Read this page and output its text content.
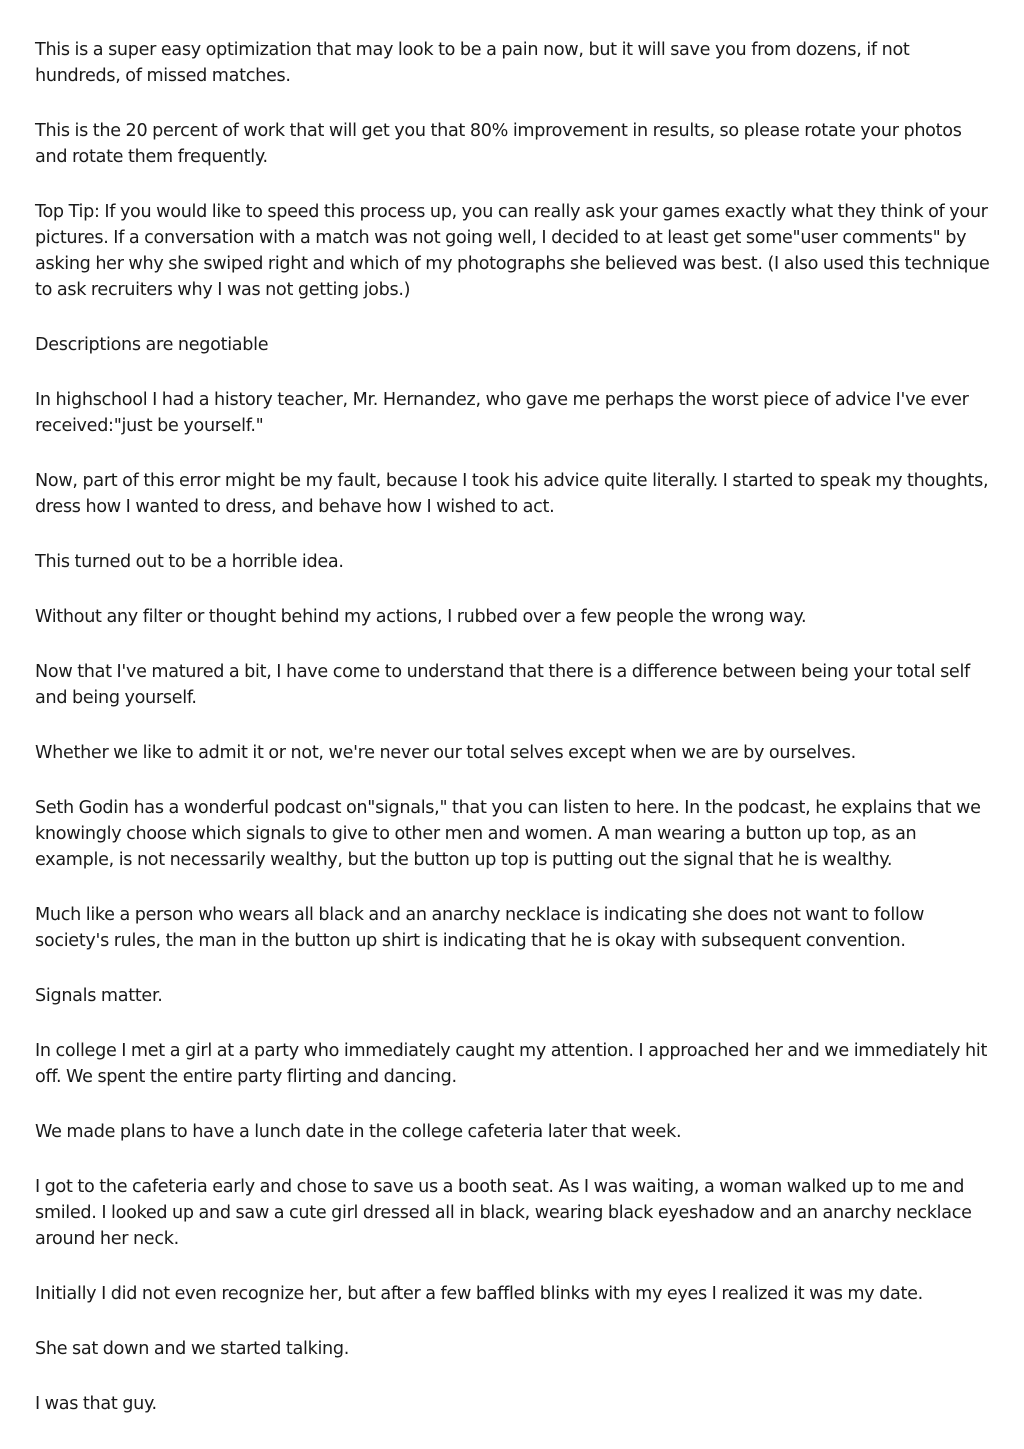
This is a super easy optimization that may look to be a pain now, but it will save you from dozens, if not hundreds, of missed matches.

This is the 20 percent of work that will get you that 80% improvement in results, so please rotate your photos and rotate them frequently.

Top Tip: If you would like to speed this process up, you can really ask your games exactly what they think of your pictures. If a conversation with a match was not going well, I decided to at least get some"user comments" by asking her why she swiped right and which of my photographs she believed was best. (I also used this technique to ask recruiters why I was not getting jobs.)

Descriptions are negotiable

In highschool I had a history teacher, Mr. Hernandez, who gave me perhaps the worst piece of advice I've ever received:"just be yourself."

Now, part of this error might be my fault, because I took his advice quite literally. I started to speak my thoughts, dress how I wanted to dress, and behave how I wished to act.

This turned out to be a horrible idea.

Without any filter or thought behind my actions, I rubbed over a few people the wrong way.

Now that I've matured a bit, I have come to understand that there is a difference between being your total self and being yourself.

Whether we like to admit it or not, we're never our total selves except when we are by ourselves.

Seth Godin has a wonderful podcast on"signals," that you can listen to here. In the podcast, he explains that we knowingly choose which signals to give to other men and women. A man wearing a button up top, as an example, is not necessarily wealthy, but the button up top is putting out the signal that he is wealthy.

Much like a person who wears all black and an anarchy necklace is indicating she does not want to follow society's rules, the man in the button up shirt is indicating that he is okay with subsequent convention.

Signals matter.

In college I met a girl at a party who immediately caught my attention. I approached her and we immediately hit off. We spent the entire party flirting and dancing.

We made plans to have a lunch date in the college cafeteria later that week.

I got to the cafeteria early and chose to save us a booth seat. As I was waiting, a woman walked up to me and smiled. I looked up and saw a cute girl dressed all in black, wearing black eyeshadow and an anarchy necklace around her neck.

Initially I did not even recognize her, but after a few baffled blinks with my eyes I realized it was my date.

She sat down and we started talking.

I was that guy.
